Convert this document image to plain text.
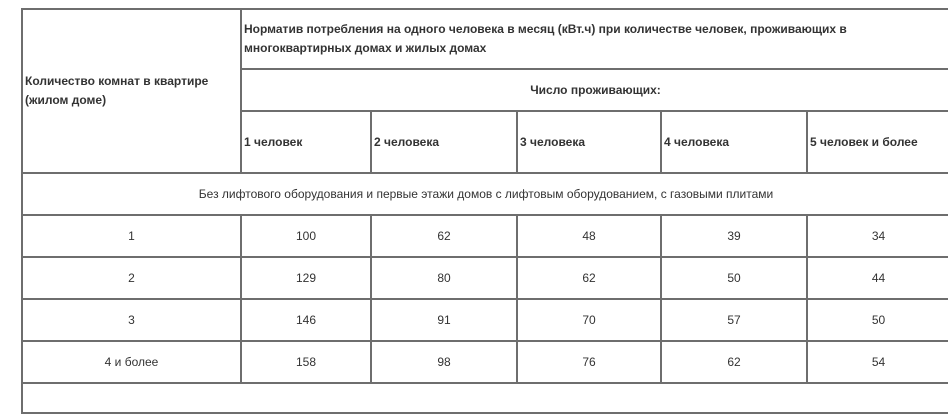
Количество комнат в квартире (жилом доме)	Норматив потребления на одного человека в месяц (кВт.ч) при количестве человек, проживающих в многоквартирных домах и жилых домах				
	Число проживающих:				
	1 человек	2 человека	3 человека	4 человека	5 человек и более
Без лифтового оборудования и первые этажи домов с лифтовым оборудованием, с газовыми плитами					
1	100	62	48	39	34
2	129	80	62	50	44
3	146	91	70	57	50
4 и более	158	98	76	62	54
